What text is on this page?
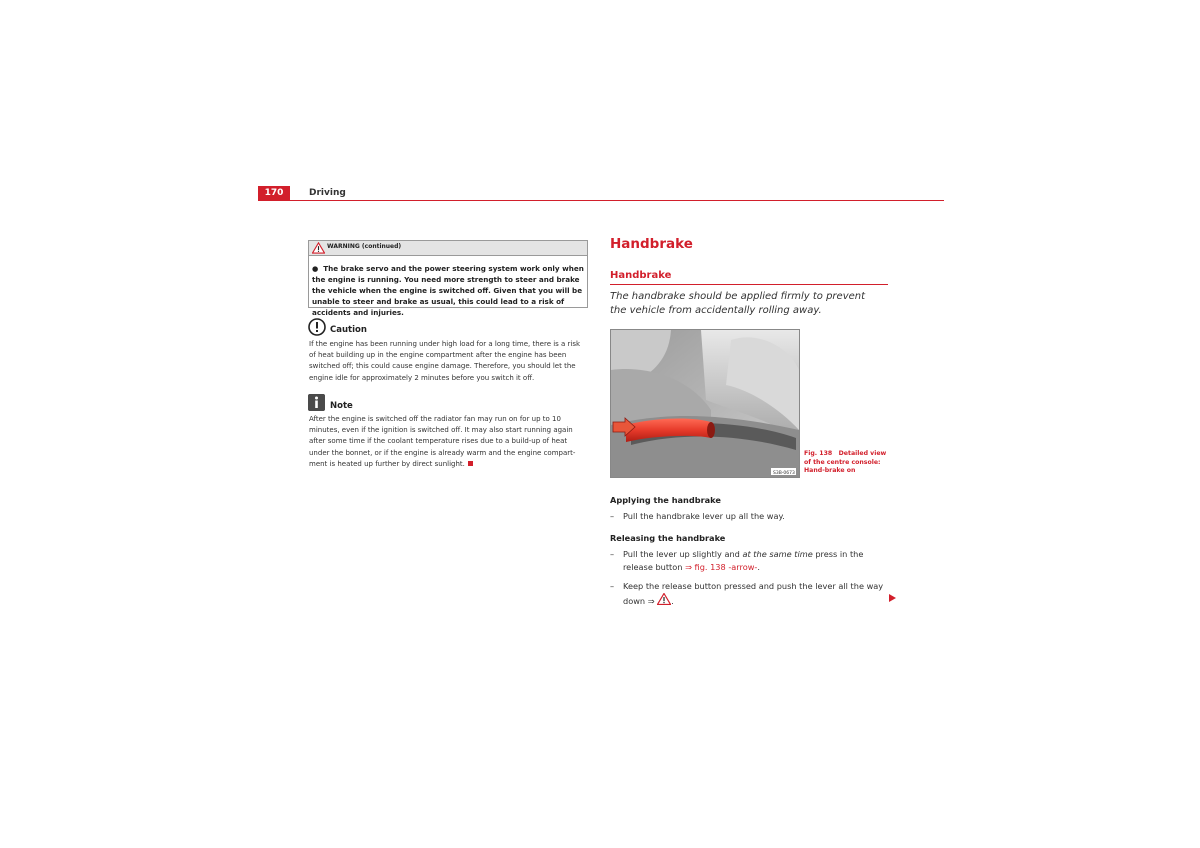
170	Driving
WARNING (continued)
●  The brake servo and the power steering system work only when the engine is running. You need more strength to steer and brake the vehicle when the engine is switched off. Given that you will be unable to steer and brake as usual, this could lead to a risk of accidents and injuries.
Caution
If the engine has been running under high load for a long time, there is a risk of heat building up in the engine compartment after the engine has been switched off; this could cause engine damage. Therefore, you should let the engine idle for approximately 2 minutes before you switch it off.
Note
After the engine is switched off the radiator fan may run on for up to 10 minutes, even if the ignition is switched off. It may also start running again after some time if the coolant temperature rises due to a build-up of heat under the bonnet, or if the engine is already warm and the engine compart-ment is heated up further by direct sunlight.
Handbrake
Handbrake
The handbrake should be applied firmly to prevent the vehicle from accidentally rolling away.
S3B-0673
Fig. 138 Detailed view of the centre console: Hand-brake on
Applying the handbrake
– Pull the handbrake lever up all the way.
Releasing the handbrake
– Pull the lever up slightly and at the same time press in the release button ⇒ fig. 138 -arrow-.
– Keep the release button pressed and push the lever all the way down ⇒ .
